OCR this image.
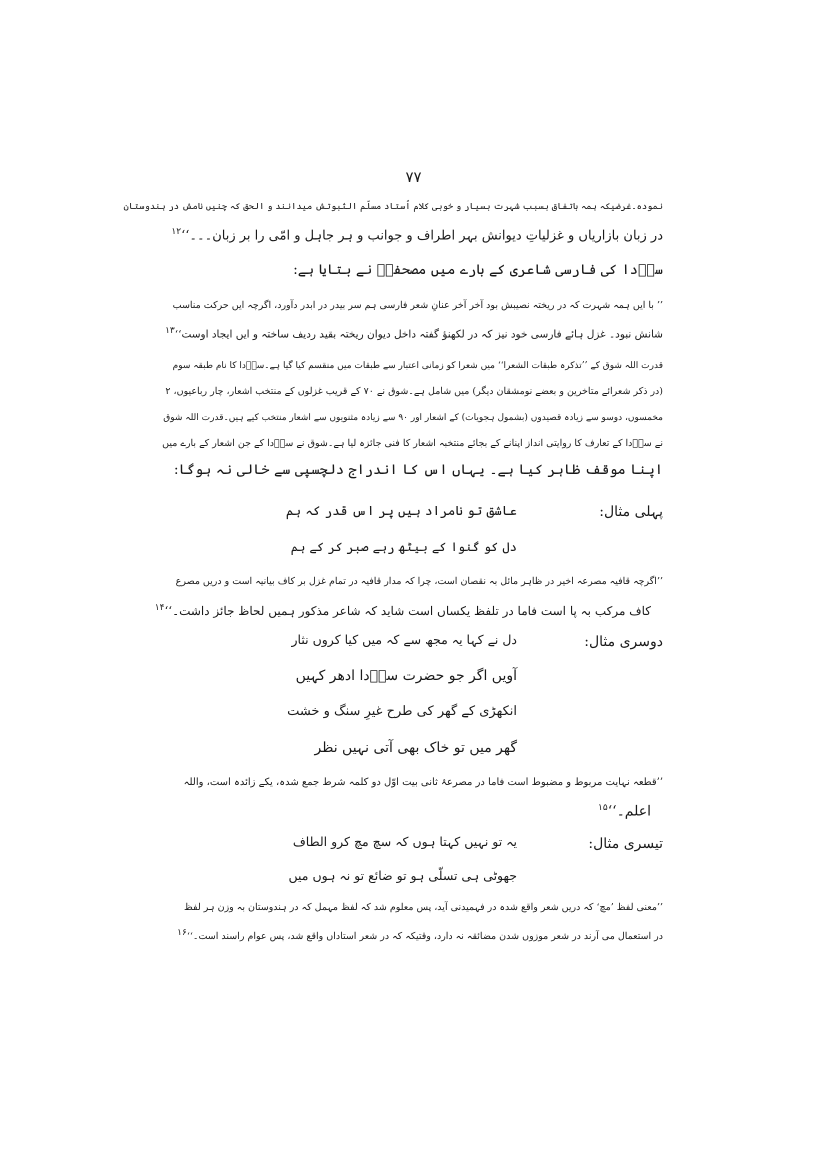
۷۷
نموده۔غرضیکہ ہمہ باتفاق بسبب شہرت بسیار و خوبی کلام اُستاد مسلّم الثبوتش میدانند و الحق کہ چنیں نامش در ہندوستان
در زبان بازاریاں و غزلیاتِ دیوانش بہر اطراف و جوانب و ہر جاہل و امّی را بر زبان۔۔۔‘‘$^{۱۲}$
سوؔدا کی فارسی شاعری کے بارے میں مصحفیؔ نے بتایا ہے:
’’ با ایں ہمہ شہرت کہ در ریختہ نصیبش بود آخر آخر عنانِ شعر فارسی ہم سر بیدر در ابدر دآورد، اگرچہ ایں حرکت مناسب
شانش نبود۔ غزل ہائے فارسی خود نیز کہ در لکھنؤ گفتہ داخل دیوان ریختہ بقید ردیف ساختہ و ایں ایجاد اوست‘‘$^{۱۳}$
قدرت اللہ شوق کے ’’تذکرہ طبقات الشعرا‘‘ میں شعرا کو زمانی اعتبار سے طبقات میں منقسم کیا گیا ہے۔سوؔدا کا نام طبقہ سوم
(در ذکر شعرائے متاخرین و بعضے نومشقان دیگر) میں شامل ہے۔شوق نے ۷۰ کے قریب غزلوں کے منتخب اشعار، چار رباعیوں، ۲
مخمسوں، دوسو سے زیادہ قصیدوں (بشمول ہجویات) کے اشعار اور ۹۰ سے زیادہ مثنویوں سے اشعار منتخب کیے ہیں۔قدرت اللہ شوق
نے سوؔدا کے تعارف کا روایتی انداز اپنانے کے بجائے منتخبہ اشعار کا فنی جائزہ لیا ہے۔شوق نے سوؔدا کے جن اشعار کے بارے میں
اپنا موقف ظاہر کیا ہے۔ یہاں اس کا اندراج دلچسپی سے خالی نہ ہوگا:
پہلی مثال:
عاشق تو نامراد ہیں پر اس قدر کہ ہم
دل کو گنوا کے بیٹھ رہے صبر کر کے ہم
’’اگرچہ قافیہ مصرعہ اخیر در ظاہر مائل بہ نقصان است، چرا کہ مدار قافیہ در تمام غزل بر کاف بیانیہ است و دریں مصرع
کاف مرکب بہ پا است فاما در تلفظ یکساں است شاید کہ شاعر مذکور ہمیں لحاظ جائز داشت۔‘‘$^{۱۴}$
دوسری مثال:
دل نے کہا یہ مجھ سے کہ میں کیا کروں نثار
آویں اگر جو حضرت سوؔدا ادھر کہیں
انکھڑی کے گھر کی طرح غیرِ سنگ و خشت
گھر میں تو خاک بھی آتی نہیں نظر
’’قطعہ نہایت مربوط و مضبوط است فاما در مصرعۂ ثانی بیت اوّل دو کلمہ شرط جمع شدہ، یکے زائدہ است، واللہ
اعلم۔‘‘$^{۱۵}$
تیسری مثال:
یہ تو نہیں کہتا ہوں کہ سچ مچ کرو الطاف
جھوٹی ہی تسلّی ہو تو ضائع تو نہ ہوں میں
’’معنی لفظ ’مچ‘ کہ دریں شعر واقع شدہ در فہمیدنی آید، پس معلوم شد کہ لفظ مہمل کہ در ہندوستان بہ وزن ہر لفظ
در استعمال می آرند در شعر موزوں شدن مضائقہ نہ دارد، وقتیکہ کہ در شعر استاداں واقع شد، پس عوام راسند است۔‘‘$^{۱۶}$
